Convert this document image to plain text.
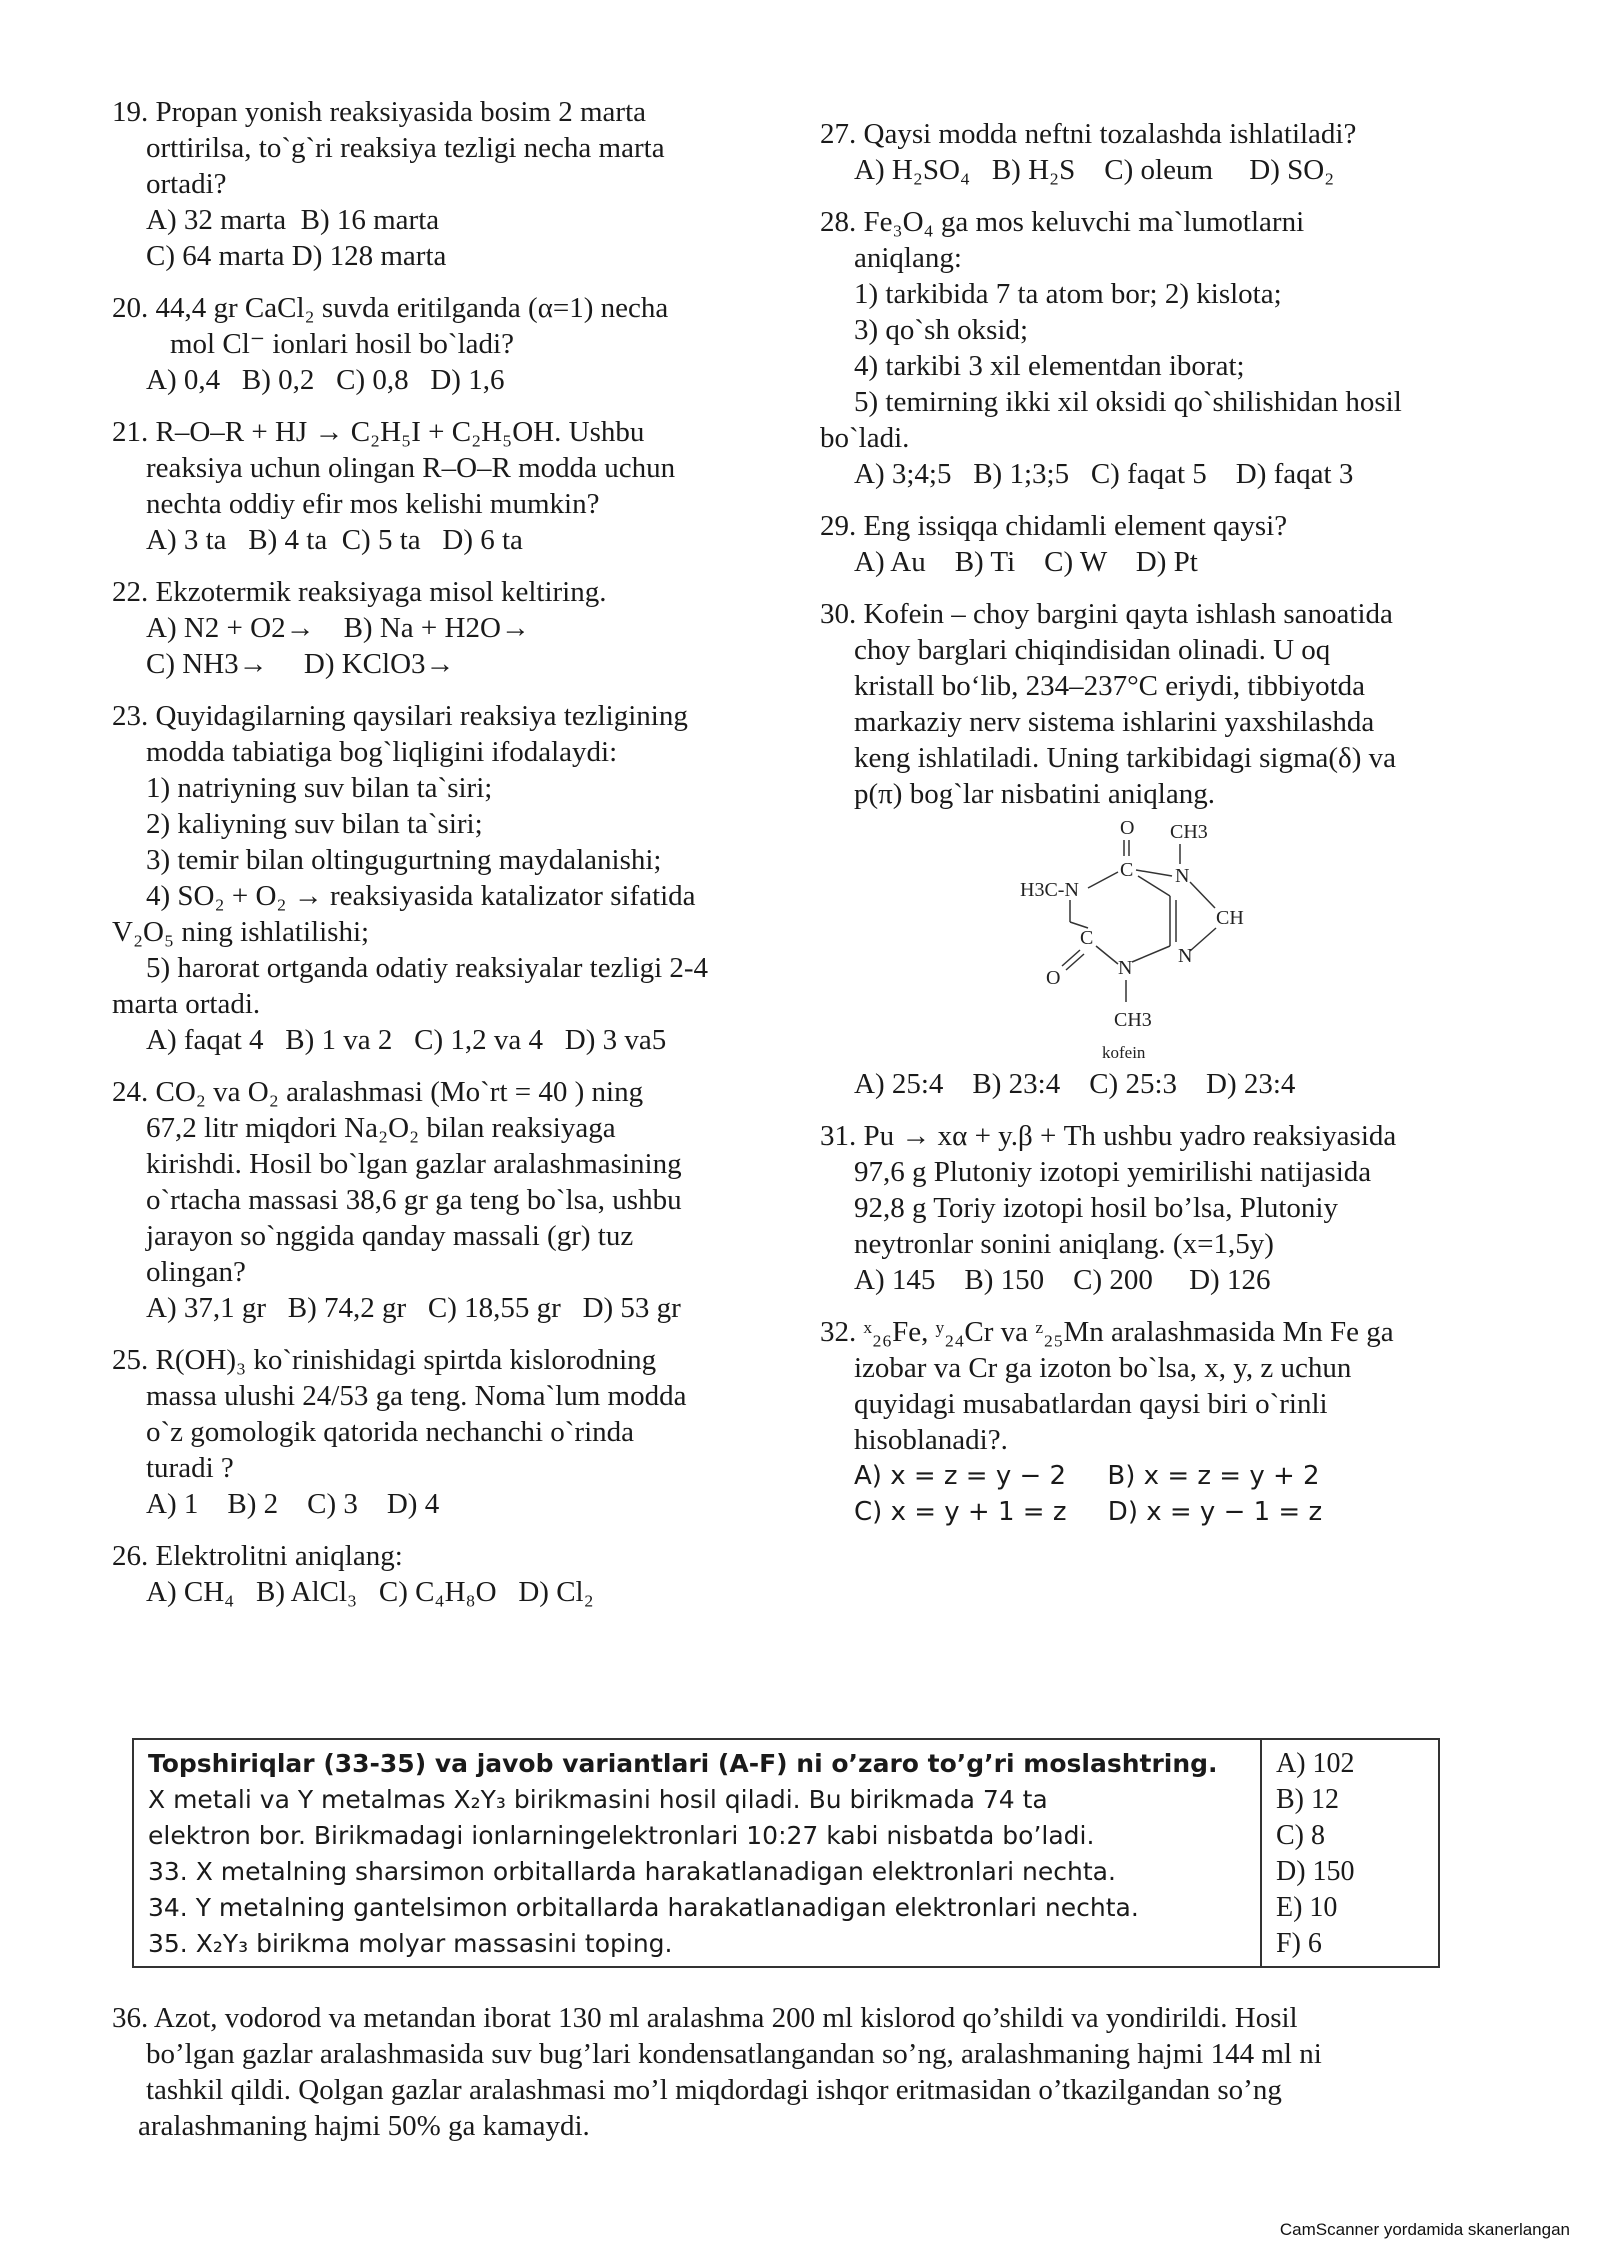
19. Propan yonish reaksiyasida bosim 2 marta

orttirilsa, to`g`ri reaksiya tezligi necha marta

ortadi?

A) 32 marta  B) 16 marta

C) 64 marta D) 128 marta

20. 44,4 gr CaCl₂ suvda eritilganda (α=1) necha

mol Cl⁻ ionlari hosil bo`ladi?

A) 0,4   B) 0,2   C) 0,8   D) 1,6

21. R–O–R + HJ → C₂H₅I + C₂H₅OH. Ushbu

reaksiya uchun olingan R–O–R modda uchun

nechta oddiy efir mos kelishi mumkin?

A) 3 ta   B) 4 ta  C) 5 ta   D) 6 ta

22. Ekzotermik reaksiyaga misol keltiring.

A) N2 + O2→    B) Na + H2O→

C) NH3→     D) KClO3→

23. Quyidagilarning qaysilari reaksiya tezligining

modda tabiatiga bog`liqligini ifodalaydi:

1) natriyning suv bilan ta`siri;

2) kaliyning suv bilan ta`siri;

3) temir bilan oltingugurtning maydalanishi;

4) SO₂ + O₂ → reaksiyasida katalizator sifatida

V₂O₅ ning ishlatilishi;

5) harorat ortganda odatiy reaksiyalar tezligi 2-4

marta ortadi.

A) faqat 4   B) 1 va 2   C) 1,2 va 4   D) 3 va5

24. CO₂ va O₂ aralashmasi (Mo`rt = 40 ) ning

67,2 litr miqdori Na₂O₂ bilan reaksiyaga

kirishdi. Hosil bo`lgan gazlar aralashmasining

o`rtacha massasi 38,6 gr ga teng bo`lsa, ushbu

jarayon so`nggida qanday massali (gr) tuz

olingan?

A) 37,1 gr   B) 74,2 gr   C) 18,55 gr   D) 53 gr

25. R(OH)₃ ko`rinishidagi spirtda kislorodning

massa ulushi 24/53 ga teng. Noma`lum modda

o`z gomologik qatorida nechanchi o`rinda

turadi ?

A) 1    B) 2    C) 3    D) 4

26. Elektrolitni aniqlang:

A) CH₄   B) AlCl₃   C) C₄H₈O   D) Cl₂

27. Qaysi modda neftni tozalashda ishlatiladi?

A) H₂SO₄   B) H₂S    C) oleum     D) SO₂

28. Fe₃O₄ ga mos keluvchi ma`lumotlarni

aniqlang:

1) tarkibida 7 ta atom bor; 2) kislota;

3) qo`sh oksid;

4) tarkibi 3 xil elementdan iborat;

5) temirning ikki xil oksidi qo`shilishidan hosil

bo`ladi.

A) 3;4;5   B) 1;3;5   C) faqat 5    D) faqat 3

29. Eng issiqqa chidamli element qaysi?

A) Au    B) Ti    C) W    D) Pt

30. Kofein – choy bargini qayta ishlash sanoatida

choy barglari chiqindisidan olinadi. U oq

kristall bo‘lib, 234–237°C eriydi, tibbiyotda

markaziy nerv sistema ishlarini yaxshilashda

keng ishlatiladi. Uning tarkibidagi sigma(δ) va

p(π) bog`lar nisbatini aniqlang.

O CH3
C N
H3C-N
CH
N
N
C
O
CH3
kofein

A) 25:4    B) 23:4    C) 25:3    D) 23:4

31. Pu → xα + y.β + Th ushbu yadro reaksiyasida

97,6 g Plutoniy izotopi yemirilishi natijasida

92,8 g Toriy izotopi hosil bo’lsa, Plutoniy

neytronlar sonini aniqlang. (x=1,5y)

A) 145    B) 150    C) 200     D) 126

32. ˣ₂₆Fe, ʸ₂₄Cr va ᶻ₂₅Mn aralashmasida Mn Fe ga

izobar va Cr ga izoton bo`lsa, x, y, z uchun

quyidagi musabatlardan qaysi biri o`rinli

hisoblanadi?.

A) x = z = y − 2     B) x = z = y + 2

C) x = y + 1 = z     D) x = y − 1 = z

Topshiriqlar (33-35) va javob variantlari (A-F) ni o’zaro to’g’ri moslashtring.
X metali va Y metalmas X₂Y₃ birikmasini hosil qiladi. Bu birikmada 74 ta
elektron bor. Birikmadagi ionlarningelektronlari 10:27 kabi nisbatda bo’ladi.
33. X metalning sharsimon orbitallarda harakatlanadigan elektronlari nechta.
34. Y metalning gantelsimon orbitallarda harakatlanadigan elektronlari nechta.
35. X₂Y₃ birikma molyar massasini toping.

A) 102
B) 12
C) 8
D) 150
E) 10
F) 6

36. Azot, vodorod va metandan iborat 130 ml aralashma 200 ml kislorod qo’shildi va yondirildi. Hosil

bo’lgan gazlar aralashmasida suv bug’lari kondensatlangandan so’ng, aralashmaning hajmi 144 ml ni

tashkil qildi. Qolgan gazlar aralashmasi mo’l miqdordagi ishqor eritmasidan o’tkazilgandan so’ng

aralashmaning hajmi 50% ga kamaydi.

CamScanner yordamida skanerlangan
